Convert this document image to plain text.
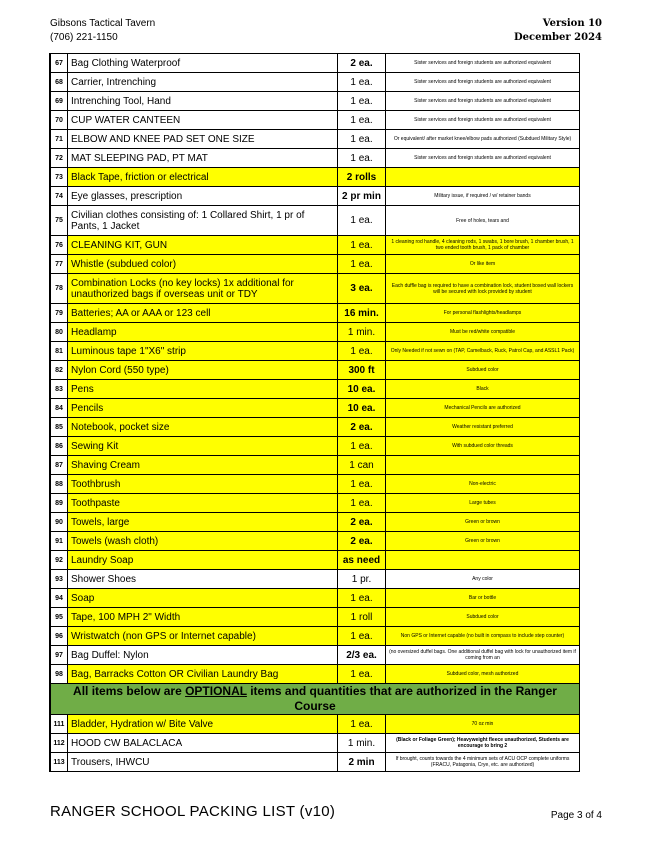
Gibsons Tactical Tavern
(706) 221-1150
Version 10
December 2024
67	Bag Clothing Waterproof	2 ea.	Sister services and foreign students are authorized equivalent
68	Carrier, Intrenching	1 ea.	Sister services and foreign students are authorized equivalent
69	Intrenching Tool, Hand	1 ea.	Sister services and foreign students are authorized equivalent
70	CUP WATER CANTEEN	1 ea.	Sister services and foreign students are authorized equivalent
71	ELBOW AND KNEE PAD SET ONE SIZE	1 ea.	Or equivalent/ after market knee/elbow pads authorized (Subdued Military Style)
72	MAT SLEEPING PAD, PT MAT	1 ea.	Sister services and foreign students are authorized equivalent
73	Black Tape, friction or electrical	2 rolls	
74	Eye glasses, prescription	2 pr min	Military issue, if required / w/ retainer bands
75	Civilian clothes consisting of: 1 Collared Shirt, 1 pr of Pants, 1 Jacket	1 ea.	Free of holes, tears and
76	CLEANING KIT, GUN	1 ea.	1 cleaning rod handle, 4 cleaning rods, 1 swabs, 1 bore brush, 1 chamber brush, 1 two ended tooth brush, 1 pack of chamber
77	Whistle (subdued color)	1 ea.	Or like item
78	Combination Locks (no key locks) 1x additional for unauthorized bags if overseas unit or TDY	3 ea.	Each duffle bag is required to have a combination lock, student boxed wall lockers will be secured with lock provided by student
79	Batteries; AA or AAA or 123 cell	16 min.	For personal flashlights/headlamps
80	Headlamp	1 min.	Must be red/white compatible
81	Luminous tape 1"X6" strip	1 ea.	Only Needed if not sewn on (TAP, Camelback, Ruck, Patrol Cap, and ASSL1 Pack)
82	Nylon Cord (550 type)	300 ft	Subdued color
83	Pens	10 ea.	Black
84	Pencils	10 ea.	Mechanical Pencils are authorized
85	Notebook, pocket size	2 ea.	Weather resistant preferred
86	Sewing Kit	1 ea.	With subdued color threads
87	Shaving Cream	1 can	
88	Toothbrush	1 ea.	Non-electric
89	Toothpaste	1 ea.	Large tubes
90	Towels, large	2 ea.	Green or brown
91	Towels (wash cloth)	2 ea.	Green or brown
92	Laundry Soap	as need	
93	Shower Shoes	1 pr.	Any color
94	Soap	1 ea.	Bar or bottle
95	Tape, 100 MPH 2" Width	1 roll	Subdued color
96	Wristwatch (non GPS or Internet capable)	1 ea.	Non GPS or Internet capable (no built in compass to include step counter)
97	Bag Duffel: Nylon	2/3 ea.	(no oversized duffel bags. One additional duffel bag with lock for unauthorized item if coming from an
98	Bag, Barracks Cotton OR Civilian Laundry Bag	1 ea.	Subdued color, mesh authorized
All items below are OPTIONAL items and quantities that are authorized in the Ranger Course			
111	Bladder, Hydration w/ Bite Valve	1 ea.	70 oz min
112	HOOD CW BALACLACA	1 min.	(Black or Foliage Green); Heavyweight fleece unauthorized, Students are encourage to bring 2
113	Trousers, IHWCU	2 min	If brought, counts towards the 4 minimum sets of ACU OCP complete uniforms (FRACU, Patagonia, Crye, etc. are authorized)
RANGER SCHOOL PACKING LIST (v10)	Page 3 of 4
